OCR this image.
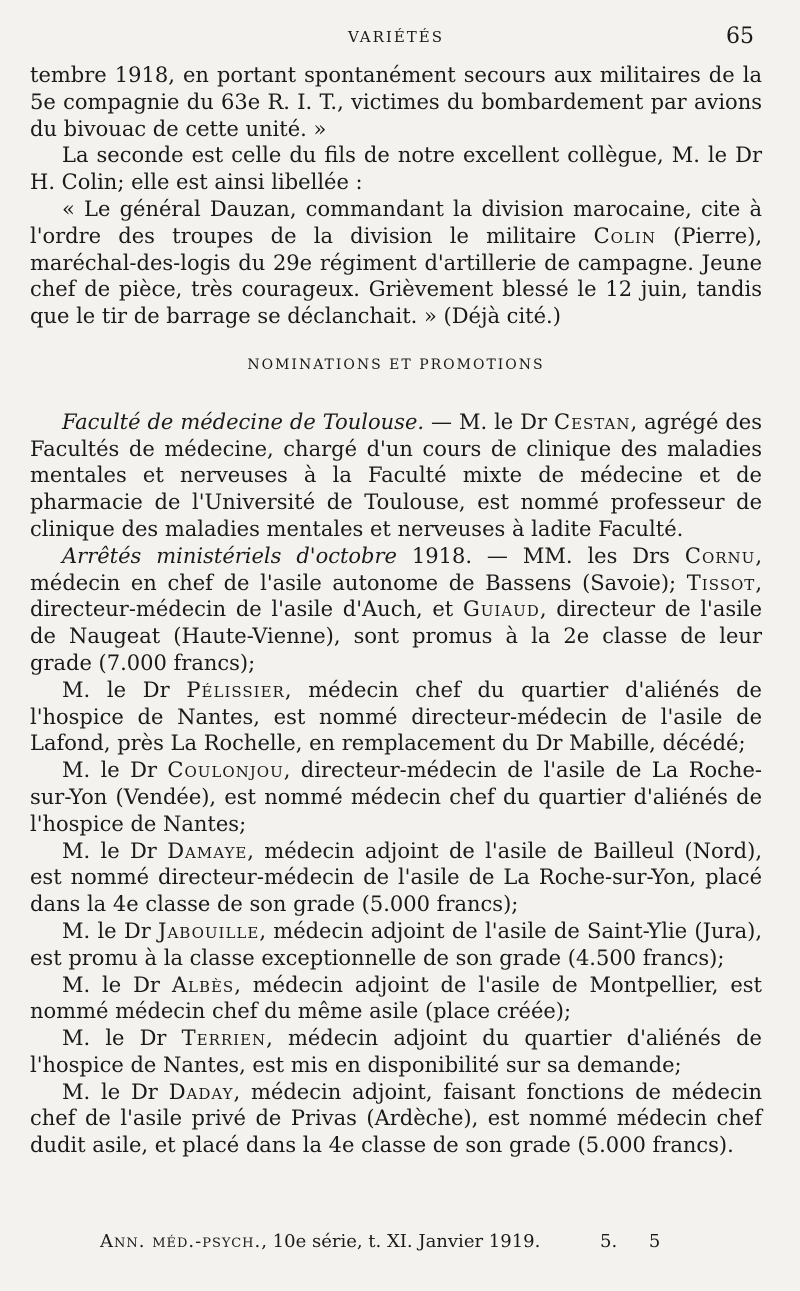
VARIÉTÉS	65

tembre 1918, en portant spontanément secours aux militaires de la 5e compagnie du 63e R. I. T., victimes du bombardement par avions du bivouac de cette unité. »

La seconde est celle du fils de notre excellent collègue, M. le Dr H. Colin; elle est ainsi libellée :

« Le général Dauzan, commandant la division marocaine, cite à l'ordre des troupes de la division le militaire Colin (Pierre), maréchal-des-logis du 29e régiment d'artillerie de campagne. Jeune chef de pièce, très courageux. Grièvement blessé le 12 juin, tandis que le tir de barrage se déclanchait. » (Déjà cité.)

NOMINATIONS ET PROMOTIONS

Faculté de médecine de Toulouse. — M. le Dr Cestan, agrégé des Facultés de médecine, chargé d'un cours de clinique des maladies mentales et nerveuses à la Faculté mixte de médecine et de pharmacie de l'Université de Toulouse, est nommé professeur de clinique des maladies mentales et nerveuses à ladite Faculté.

Arrêtés ministériels d'octobre 1918. — MM. les Drs Cornu, médecin en chef de l'asile autonome de Bassens (Savoie); Tissot, directeur-médecin de l'asile d'Auch, et Guiaud, directeur de l'asile de Naugeat (Haute-Vienne), sont promus à la 2e classe de leur grade (7.000 francs);

M. le Dr Pélissier, médecin chef du quartier d'aliénés de l'hospice de Nantes, est nommé directeur-médecin de l'asile de Lafond, près La Rochelle, en remplacement du Dr Mabille, décédé;

M. le Dr Coulonjou, directeur-médecin de l'asile de La Roche-sur-Yon (Vendée), est nommé médecin chef du quartier d'aliénés de l'hospice de Nantes;

M. le Dr Damaye, médecin adjoint de l'asile de Bailleul (Nord), est nommé directeur-médecin de l'asile de La Roche-sur-Yon, placé dans la 4e classe de son grade (5.000 francs);

M. le Dr Jabouille, médecin adjoint de l'asile de Saint-Ylie (Jura), est promu à la classe exceptionnelle de son grade (4.500 francs);

M. le Dr Albès, médecin adjoint de l'asile de Montpellier, est nommé médecin chef du même asile (place créée);

M. le Dr Terrien, médecin adjoint du quartier d'aliénés de l'hospice de Nantes, est mis en disponibilité sur sa demande;

M. le Dr Daday, médecin adjoint, faisant fonctions de médecin chef de l'asile privé de Privas (Ardèche), est nommé médecin chef dudit asile, et placé dans la 4e classe de son grade (5.000 francs).

Ann. méd.-psych., 10e série, t. XI. Janvier 1919.	5. 5
